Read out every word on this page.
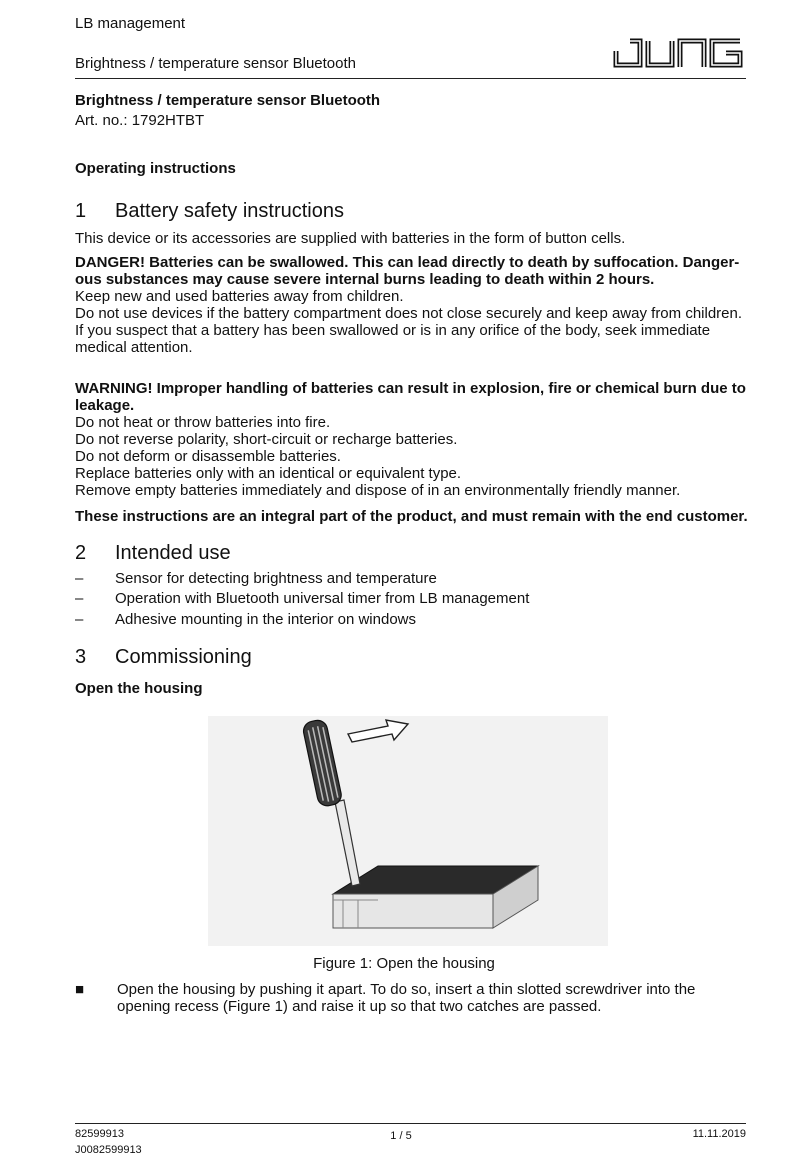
LB management
Brightness / temperature sensor Bluetooth
Brightness / temperature sensor Bluetooth
Art. no.: 1792HTBT
Operating instructions
1 Battery safety instructions

This device or its accessories are supplied with batteries in the form of button cells.

DANGER! Batteries can be swallowed. This can lead directly to death by suffocation. Danger-

ous substances may cause severe internal burns leading to death within 2 hours.

Keep new and used batteries away from children.

Do not use devices if the battery compartment does not close securely and keep away from children.

If you suspect that a battery has been swallowed or is in any orifice of the body, seek immediate medical attention.

WARNING! Improper handling of batteries can result in explosion, fire or chemical burn due to leakage.

Do not heat or throw batteries into fire.

Do not reverse polarity, short-circuit or recharge batteries.

Do not deform or disassemble batteries.

Replace batteries only with an identical or equivalent type.

Remove empty batteries immediately and dispose of in an environmentally friendly manner.

These instructions are an integral part of the product, and must remain with the end customer.
2 Intended use
– Sensor for detecting brightness and temperature
– Operation with Bluetooth universal timer from LB management
– Adhesive mounting in the interior on windows
3 Commissioning
Open the housing
Figure 1: Open the housing
■ Open the housing by pushing it apart. To do so, insert a thin slotted screwdriver into the opening recess (Figure 1) and raise it up so that two catches are passed.
82599913
J0082599913
1 / 5	11.11.2019
